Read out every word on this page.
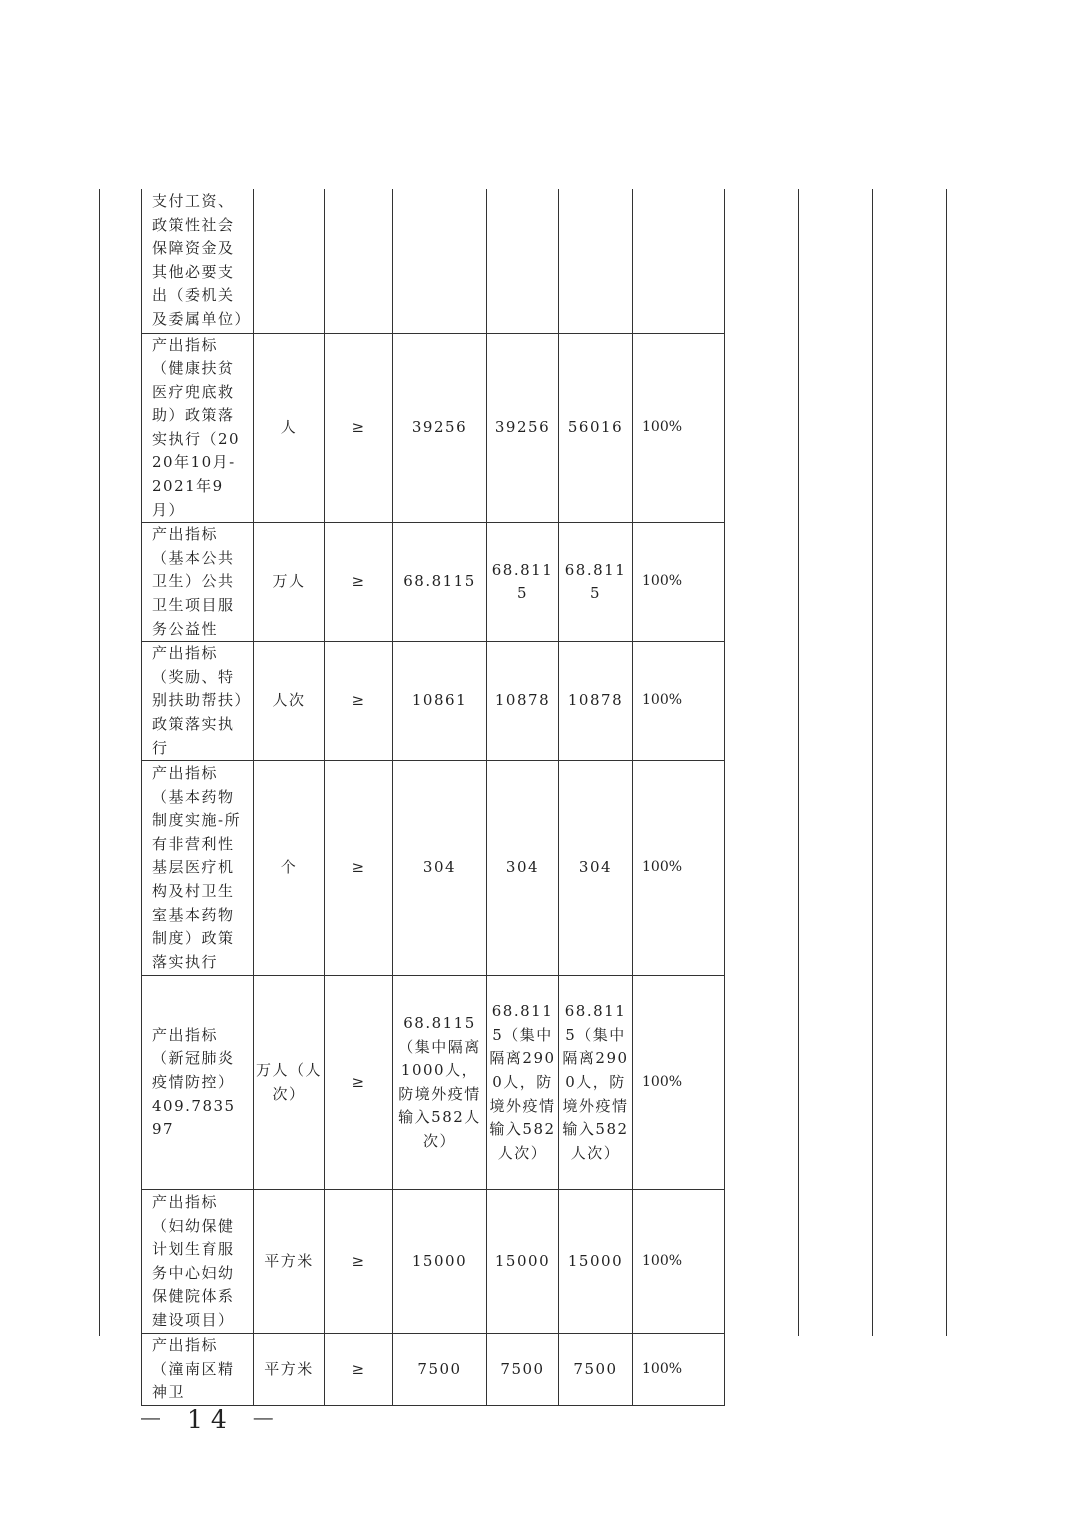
支付工资、政策性社会保障资金及其他必要支出（委机关及委属单位）						
产出指标（健康扶贫医疗兜底救助）政策落实执行（2020年10月-2021年9月）	人	≥	39256	39256	56016	100%
产出指标（基本公共卫生）公共卫生项目服务公益性	万人	≥	68.8115	68.8115	68.8115	100%
产出指标（奖励、特别扶助帮扶）政策落实执行	人次	≥	10861	10878	10878	100%
产出指标（基本药物制度实施-所有非营利性基层医疗机构及村卫生室基本药物制度）政策落实执行	个	≥	304	304	304	100%
产出指标（新冠肺炎疫情防控）409.783597	万人（人次）	≥	68.8115（集中隔离1000人，防境外疫情输入582人次）	68.8115（集中隔离2900人，防境外疫情输入582人次）	68.8115（集中隔离2900人，防境外疫情输入582人次）	100%
产出指标（妇幼保健计划生育服务中心妇幼保健院体系建设项目）	平方米	≥	15000	15000	15000	100%
产出指标（潼南区精神卫	平方米	≥	7500	7500	7500	100%
－ 14 －
